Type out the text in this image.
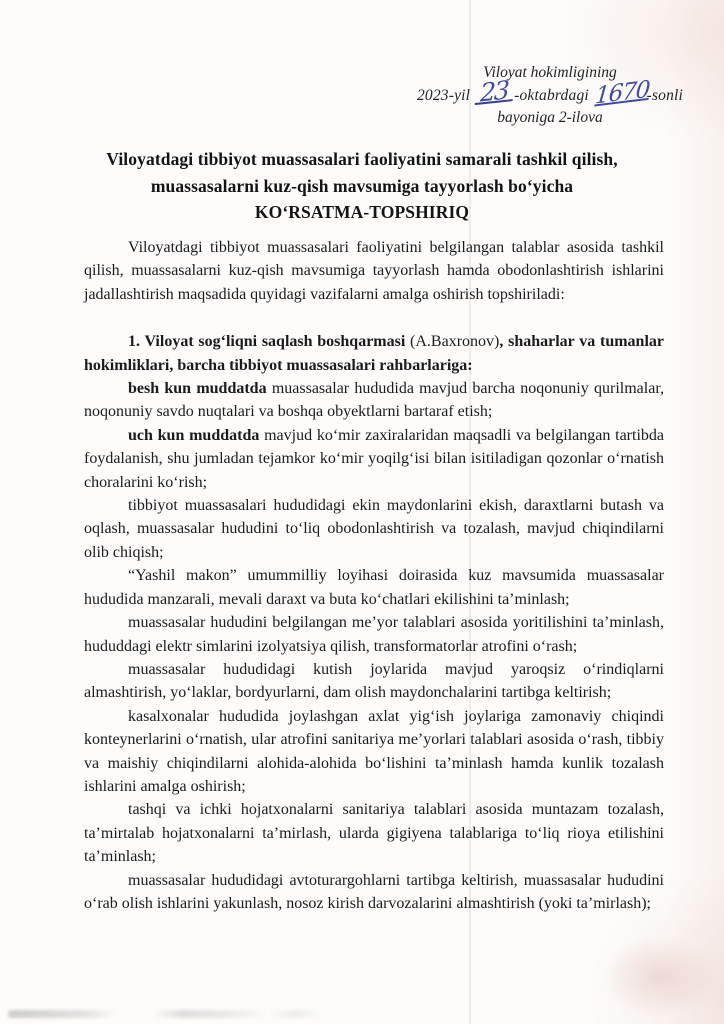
Viloyat hokimligining
2023-yil 23 -oktabrdagi 1670-sonli
bayoniga 2-ilova
Viloyatdagi tibbiyot muassasalari faoliyatini samarali tashkil qilish,
muassasalarni kuz-qish mavsumiga tayyorlash bo‘yicha
KO‘RSATMA-TOPSHIRIQ

Viloyatdagi tibbiyot muassasalari faoliyatini belgilangan talablar asosida tashkil qilish, muassasalarni kuz-qish mavsumiga tayyorlash hamda obodonlashtirish ishlarini jadallashtirish maqsadida quyidagi vazifalarni amalga oshirish topshiriladi:

1. Viloyat sog‘liqni saqlash boshqarmasi (A.Baxronov), shaharlar va tumanlar hokimliklari, barcha tibbiyot muassasalari rahbarlariga:

besh kun muddatda muassasalar hududida mavjud barcha noqonuniy qurilmalar, noqonuniy savdo nuqtalari va boshqa obyektlarni bartaraf etish;

uch kun muddatda mavjud ko‘mir zaxiralaridan maqsadli va belgilangan tartibda foydalanish, shu jumladan tejamkor ko‘mir yoqilg‘isi bilan isitiladigan qozonlar o‘rnatish choralarini ko‘rish;

tibbiyot muassasalari hududidagi ekin maydonlarini ekish, daraxtlarni butash va oqlash, muassasalar hududini to‘liq obodonlashtirish va tozalash, mavjud chiqindilarni olib chiqish;

“Yashil makon” umummilliy loyihasi doirasida kuz mavsumida muassasalar hududida manzarali, mevali daraxt va buta ko‘chatlari ekilishini ta’minlash;

muassasalar hududini belgilangan me’yor talablari asosida yoritilishini ta’minlash, hududdagi elektr simlarini izolyatsiya qilish, transformatorlar atrofini o‘rash;

muassasalar hududidagi kutish joylarida mavjud yaroqsiz o‘rindiqlarni almashtirish, yo‘laklar, bordyurlarni, dam olish maydonchalarini tartibga keltirish;

kasalxonalar hududida joylashgan axlat yig‘ish joylariga zamonaviy chiqindi konteynerlarini o‘rnatish, ular atrofini sanitariya me’yorlari talablari asosida o‘rash, tibbiy va maishiy chiqindilarni alohida-alohida bo‘lishini ta’minlash hamda kunlik tozalash ishlarini amalga oshirish;

tashqi va ichki hojatxonalarni sanitariya talablari asosida muntazam tozalash, ta’mirtalab hojatxonalarni ta’mirlash, ularda gigiyena talablariga to‘liq rioya etilishini ta’minlash;

muassasalar hududidagi avtoturargohlarni tartibga keltirish, muassasalar hududini o‘rab olish ishlarini yakunlash, nosoz kirish darvozalarini almashtirish (yoki ta’mirlash);
